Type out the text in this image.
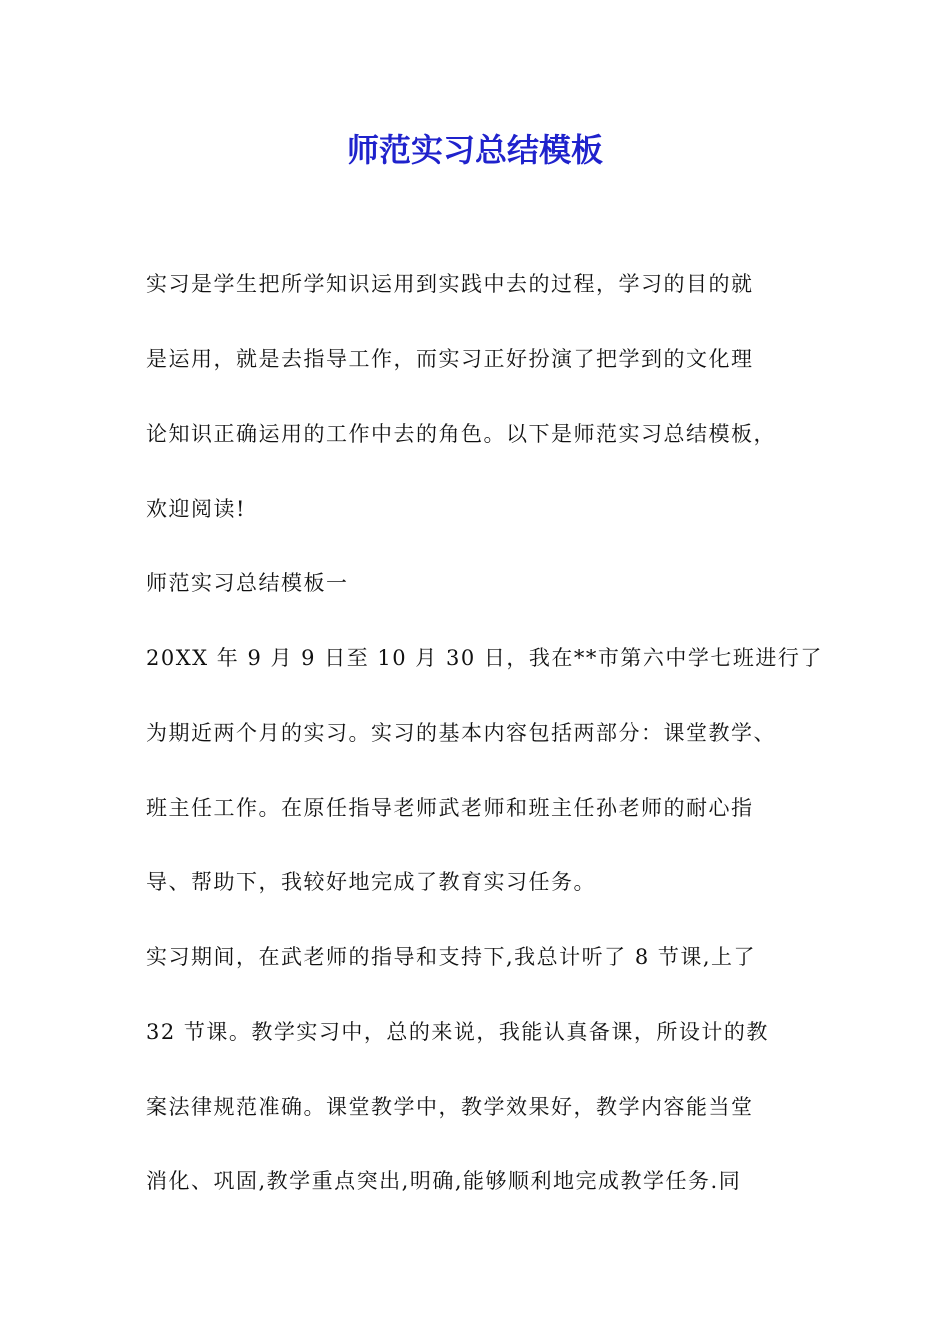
师范实习总结模板
实习是学生把所学知识运用到实践中去的过程，学习的目的就
是运用，就是去指导工作，而实习正好扮演了把学到的文化理
论知识正确运用的工作中去的角色。以下是师范实习总结模板，
欢迎阅读!
师范实习总结模板一
20XX 年 9 月 9 日至 10 月 30 日，我在**市第六中学七班进行了
为期近两个月的实习。实习的基本内容包括两部分：课堂教学、
班主任工作。在原任指导老师武老师和班主任孙老师的耐心指
导、帮助下，我较好地完成了教育实习任务。
实习期间，在武老师的指导和支持下,我总计听了 8 节课,上了
32 节课。教学实习中，总的来说，我能认真备课，所设计的教
案法律规范准确。课堂教学中，教学效果好，教学内容能当堂
消化、巩固,教学重点突出,明确,能够顺利地完成教学任务.同
